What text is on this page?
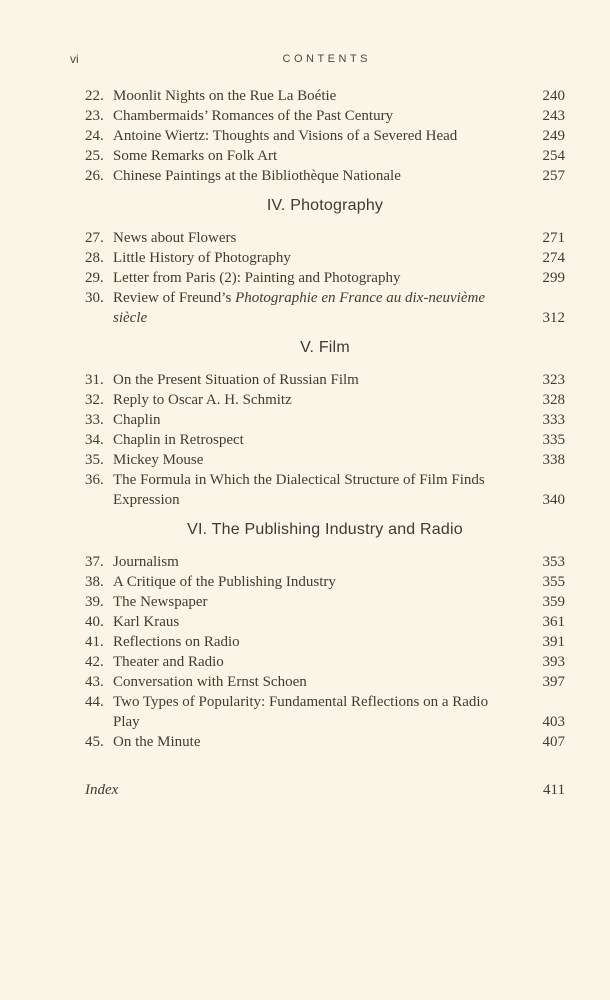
vi	CONTENTS
22. Moonlit Nights on the Rue La Boétie	240
23. Chambermaids’ Romances of the Past Century	243
24. Antoine Wiertz: Thoughts and Visions of a Severed Head	249
25. Some Remarks on Folk Art	254
26. Chinese Paintings at the Bibliothèque Nationale	257
IV. Photography
27. News about Flowers	271
28. Little History of Photography	274
29. Letter from Paris (2): Painting and Photography	299
30. Review of Freund’s Photographie en France au dix-neuvième
siècle	312
V. Film
31. On the Present Situation of Russian Film	323
32. Reply to Oscar A. H. Schmitz	328
33. Chaplin	333
34. Chaplin in Retrospect	335
35. Mickey Mouse	338
36. The Formula in Which the Dialectical Structure of Film Finds
Expression	340
VI. The Publishing Industry and Radio
37. Journalism	353
38. A Critique of the Publishing Industry	355
39. The Newspaper	359
40. Karl Kraus	361
41. Reflections on Radio	391
42. Theater and Radio	393
43. Conversation with Ernst Schoen	397
44. Two Types of Popularity: Fundamental Reflections on a Radio
Play	403
45. On the Minute	407
Index	411
